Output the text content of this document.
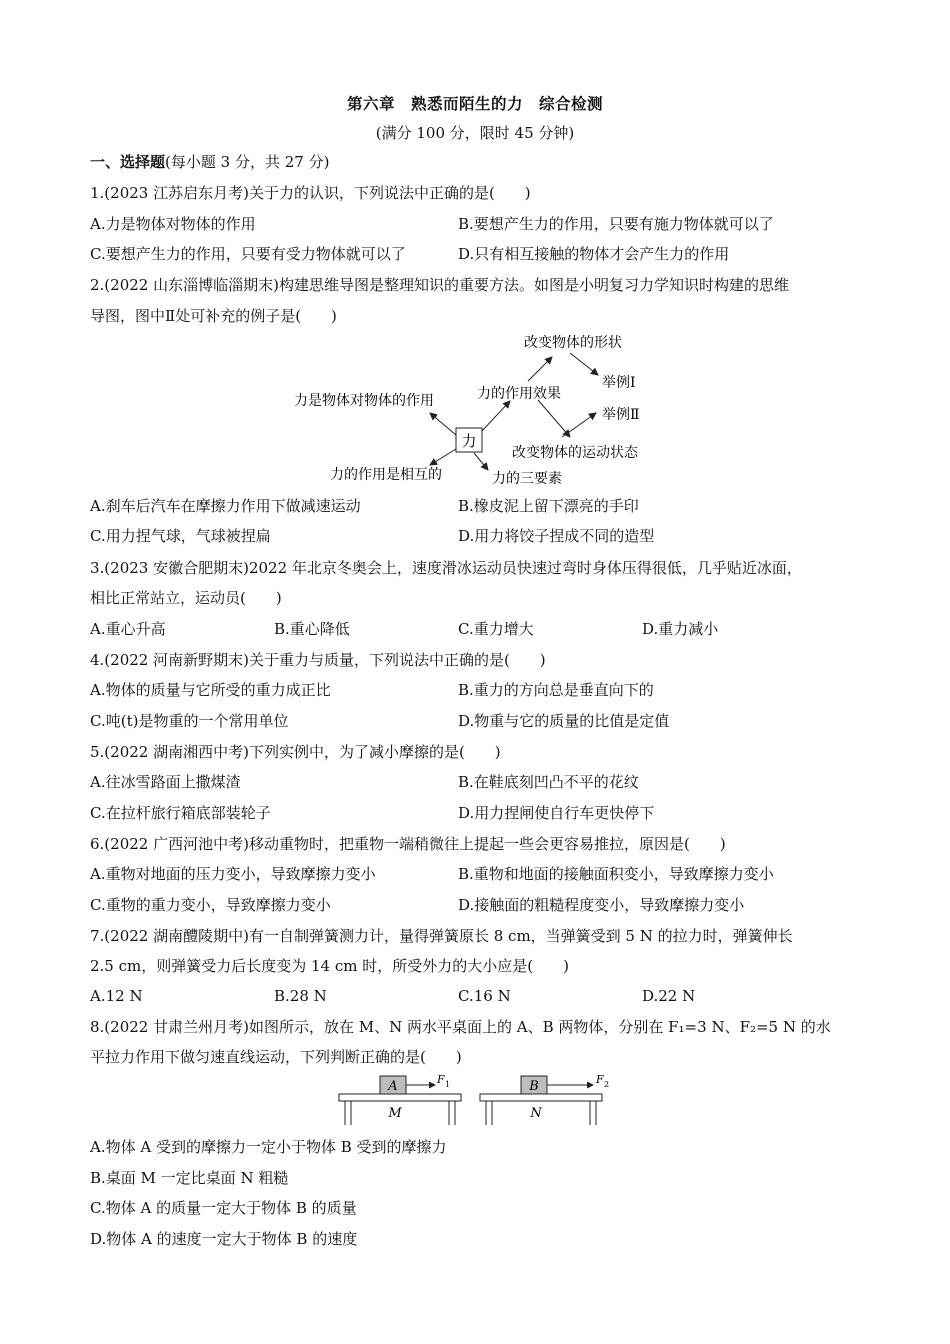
第六章　熟悉而陌生的力　综合检测
(满分 100 分，限时 45 分钟)
一、选择题(每小题 3 分，共 27 分)
1.(2023 江苏启东月考)关于力的认识，下列说法中正确的是(　　)
A.力是物体对物体的作用	B.要想产生力的作用，只要有施力物体就可以了
C.要想产生力的作用，只要有受力物体就可以了	D.只有相互接触的物体才会产生力的作用
2.(2022 山东淄博临淄期末)构建思维导图是整理知识的重要方法。如图是小明复习力学知识时构建的思维
导图，图中Ⅱ处可补充的例子是(　　)
力
力是物体对物体的作用
力的作用是相互的	力的三要素
力的作用效果
改变物体的形状
改变物体的运动状态
举例Ⅰ
举例Ⅱ
A.刹车后汽车在摩擦力作用下做减速运动	B.橡皮泥上留下漂亮的手印
C.用力捏气球，气球被捏扁	D.用力将饺子捏成不同的造型
3.(2023 安徽合肥期末)2022 年北京冬奥会上，速度滑冰运动员快速过弯时身体压得很低，几乎贴近冰面，
相比正常站立，运动员(　　)
A.重心升高	B.重心降低	C.重力增大	D.重力减小
4.(2022 河南新野期末)关于重力与质量，下列说法中正确的是(　　)
A.物体的质量与它所受的重力成正比	B.重力的方向总是垂直向下的
C.吨(t)是物重的一个常用单位	D.物重与它的质量的比值是定值
5.(2022 湖南湘西中考)下列实例中，为了减小摩擦的是(　　)
A.往冰雪路面上撒煤渣	B.在鞋底刻凹凸不平的花纹
C.在拉杆旅行箱底部装轮子	D.用力捏闸使自行车更快停下
6.(2022 广西河池中考)移动重物时，把重物一端稍微往上提起一些会更容易推拉，原因是(　　)
A.重物对地面的压力变小，导致摩擦力变小	B.重物和地面的接触面积变小，导致摩擦力变小
C.重物的重力变小，导致摩擦力变小	D.接触面的粗糙程度变小，导致摩擦力变小
7.(2022 湖南醴陵期中)有一自制弹簧测力计，量得弹簧原长 8 cm，当弹簧受到 5 N 的拉力时，弹簧伸长
2.5 cm，则弹簧受力后长度变为 14 cm 时，所受外力的大小应是(　　)
A.12 N	B.28 N	C.16 N	D.22 N
8.(2022 甘肃兰州月考)如图所示，放在 M、N 两水平桌面上的 A、B 两物体，分别在 F₁=3 N、F₂=5 N 的水
平拉力作用下做匀速直线运动，下列判断正确的是(　　)
A	F 1
M
B	F 2
N
A.物体 A 受到的摩擦力一定小于物体 B 受到的摩擦力
B.桌面 M 一定比桌面 N 粗糙
C.物体 A 的质量一定大于物体 B 的质量
D.物体 A 的速度一定大于物体 B 的速度
